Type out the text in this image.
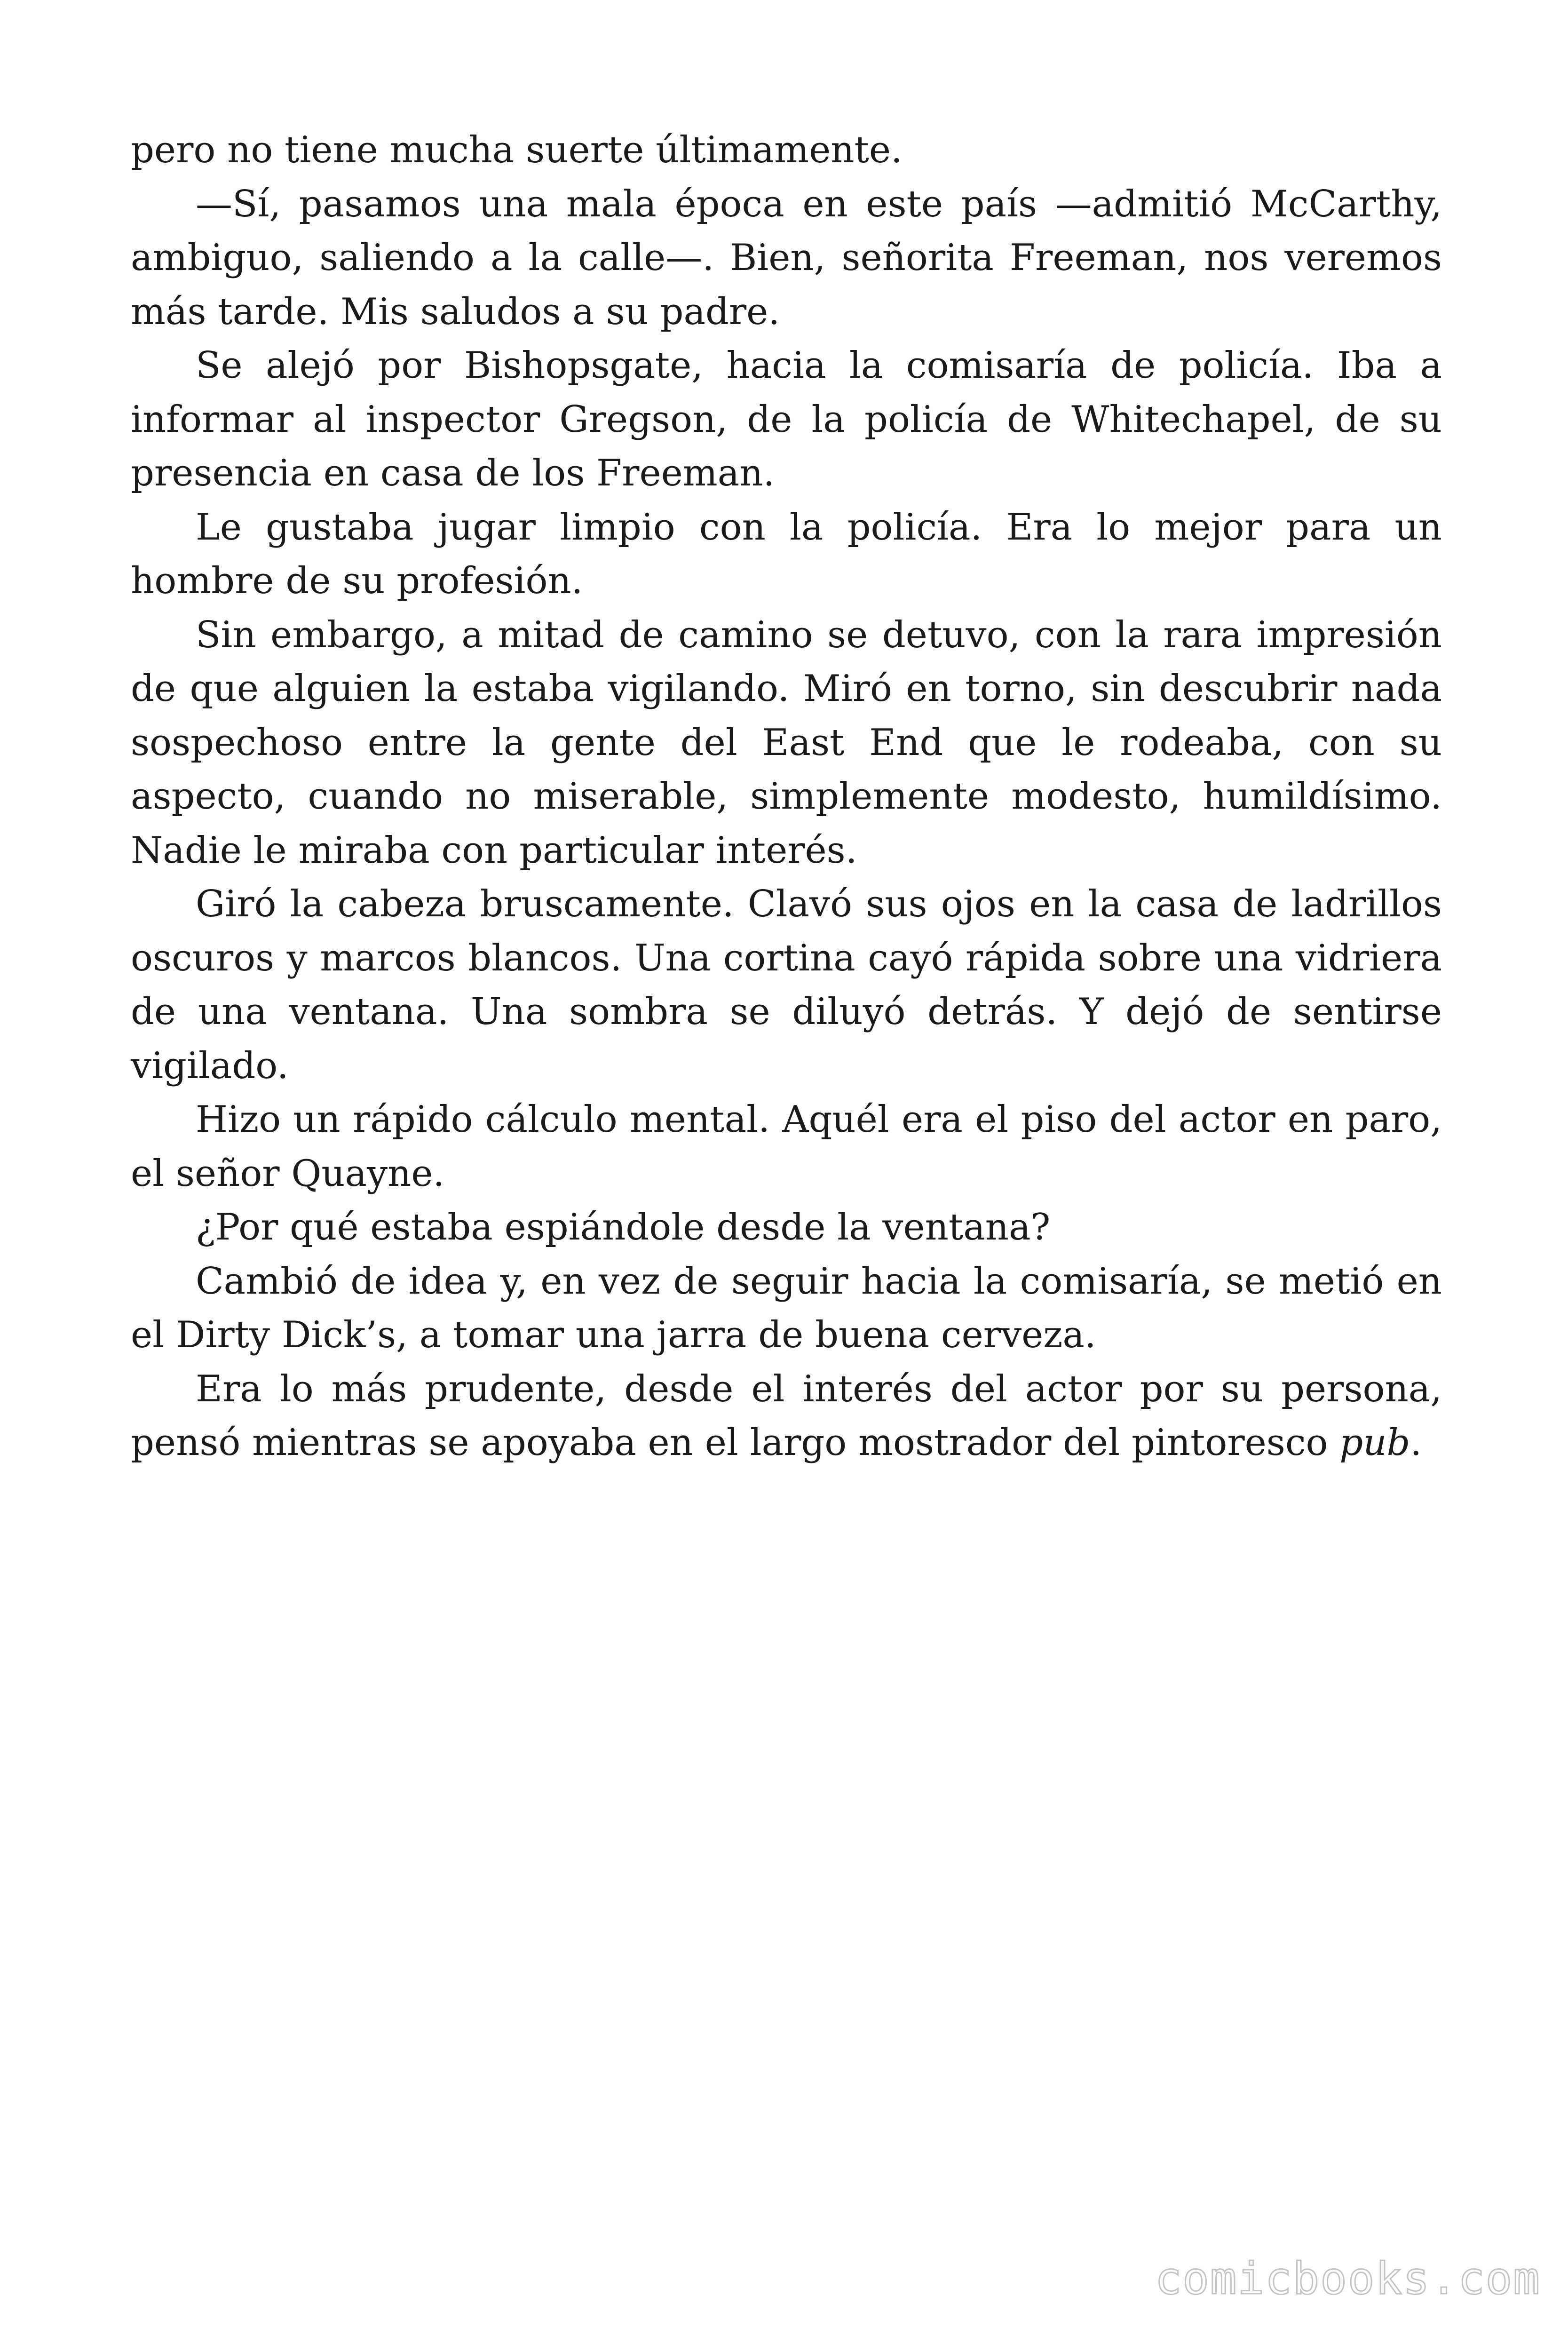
pero no tiene mucha suerte últimamente.

—Sí, pasamos una mala época en este país —admitió McCarthy, ambiguo, saliendo a la calle—. Bien, señorita Freeman, nos veremos más tarde. Mis saludos a su padre.

Se alejó por Bishopsgate, hacia la comisaría de policía. Iba a informar al inspector Gregson, de la policía de Whitechapel, de su presencia en casa de los Freeman.

Le gustaba jugar limpio con la policía. Era lo mejor para un hombre de su profesión.

Sin embargo, a mitad de camino se detuvo, con la rara impresión de que alguien la estaba vigilando. Miró en torno, sin descubrir nada sospechoso entre la gente del East End que le rodeaba, con su aspecto, cuando no miserable, simplemente modesto, humildísimo. Nadie le miraba con particular interés.

Giró la cabeza bruscamente. Clavó sus ojos en la casa de ladrillos oscuros y marcos blancos. Una cortina cayó rápida sobre una vidriera de una ventana. Una sombra se diluyó detrás. Y dejó de sentirse vigilado.

Hizo un rápido cálculo mental. Aquél era el piso del actor en paro, el señor Quayne.

¿Por qué estaba espiándole desde la ventana?

Cambió de idea y, en vez de seguir hacia la comisaría, se metió en el Dirty Dick’s, a tomar una jarra de buena cerveza.

Era lo más prudente, desde el interés del actor por su persona, pensó mientras se apoyaba en el largo mostrador del pintoresco pub.

comicbooks.com
